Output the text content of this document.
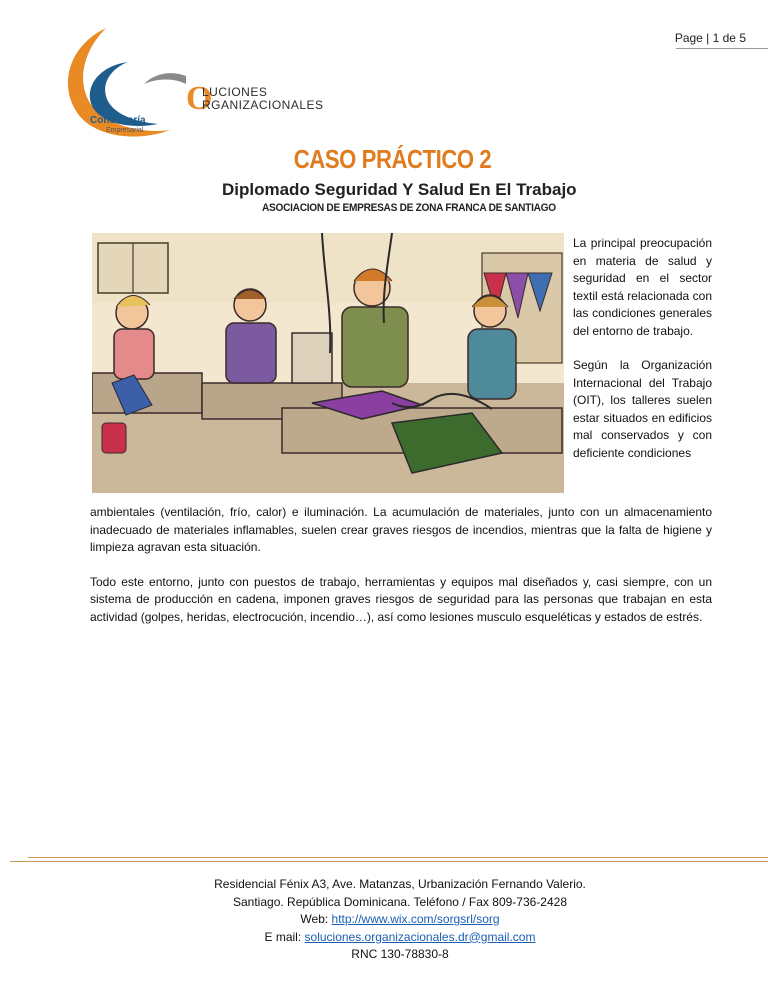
Page | 1 de 5
O
LUCIONES
RGANIZACIONALES
Consultoría
Empresarial
CASO PRÁCTICO 2
Diplomado Seguridad Y Salud En El Trabajo
ASOCIACION DE EMPRESAS DE ZONA FRANCA DE SANTIAGO

La principal preocupación en materia de salud y seguridad en el sector textil está relacionada con las condiciones generales del entorno de trabajo.

Según la Organización Internacional del Trabajo (OIT), los talleres suelen estar situados en edificios mal conservados y con deficiente condiciones

ambientales (ventilación, frío, calor) e iluminación. La acumulación de materiales, junto con un almacenamiento inadecuado de materiales inflamables, suelen crear graves riesgos de incendios, mientras que la falta de higiene y limpieza agravan esta situación.

Todo este entorno, junto con puestos de trabajo, herramientas y equipos mal diseñados y, casi siempre, con un sistema de producción en cadena, imponen graves riesgos de seguridad para las personas que trabajan en esta actividad (golpes, heridas, electrocución, incendio…), así como lesiones musculo esqueléticas y estados de estrés.

Residencial Fénix A3, Ave. Matanzas, Urbanización Fernando Valerio.
Santiago. República Dominicana. Teléfono / Fax 809-736-2428
Web: http://www.wix.com/sorgsrl/sorg
E mail: soluciones.organizacionales.dr@gmail.com
RNC 130-78830-8
